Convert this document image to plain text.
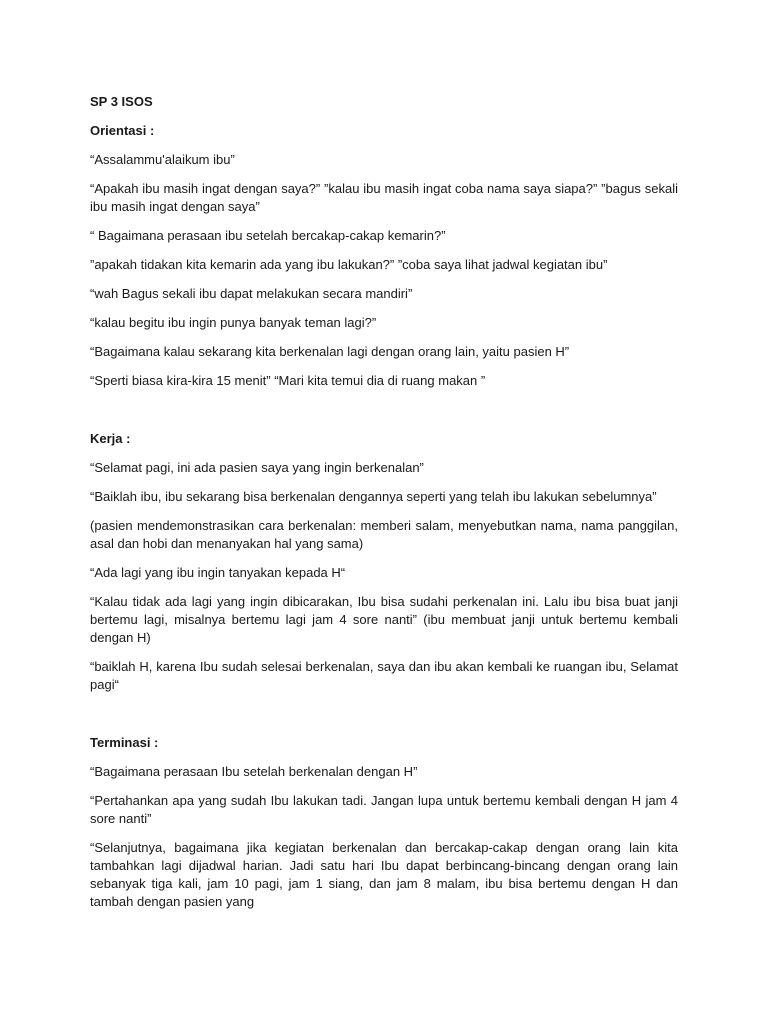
SP 3 ISOS

Orientasi :

“Assalammu'alaikum ibu”

“Apakah ibu masih ingat dengan saya?” ”kalau ibu masih ingat coba nama saya siapa?” ”bagus sekali ibu masih ingat dengan saya”

“ Bagaimana perasaan ibu setelah bercakap-cakap kemarin?”

”apakah tidakan kita kemarin ada yang ibu lakukan?” ”coba saya lihat jadwal kegiatan ibu”

“wah Bagus sekali ibu dapat melakukan secara mandiri”

“kalau begitu ibu ingin punya banyak teman lagi?”

“Bagaimana kalau sekarang kita berkenalan lagi dengan orang lain, yaitu pasien H”

“Sperti biasa kira-kira 15 menit” “Mari kita temui dia di ruang makan ”

Kerja :

“Selamat pagi, ini ada pasien saya yang ingin berkenalan”

“Baiklah ibu, ibu sekarang bisa berkenalan dengannya seperti yang telah ibu lakukan sebelumnya”

(pasien mendemonstrasikan cara berkenalan: memberi salam, menyebutkan nama, nama panggilan, asal dan hobi dan menanyakan hal yang sama)

“Ada lagi yang ibu ingin tanyakan kepada H“

“Kalau tidak ada lagi yang ingin dibicarakan, Ibu bisa sudahi perkenalan ini. Lalu ibu bisa buat janji bertemu lagi, misalnya bertemu lagi jam 4 sore nanti” (ibu membuat janji untuk bertemu kembali dengan H)

“baiklah H, karena Ibu sudah selesai berkenalan, saya dan ibu akan kembali ke ruangan ibu, Selamat pagi“

Terminasi :

“Bagaimana perasaan Ibu setelah berkenalan dengan H”

“Pertahankan apa yang sudah Ibu lakukan tadi. Jangan lupa untuk bertemu kembali dengan H jam 4 sore nanti”

“Selanjutnya, bagaimana jika kegiatan berkenalan dan bercakap-cakap dengan orang lain kita tambahkan lagi dijadwal harian. Jadi satu hari Ibu dapat berbincang-bincang dengan orang lain sebanyak tiga kali, jam 10 pagi, jam 1 siang, dan jam 8 malam, ibu bisa bertemu dengan H dan tambah dengan pasien yang
